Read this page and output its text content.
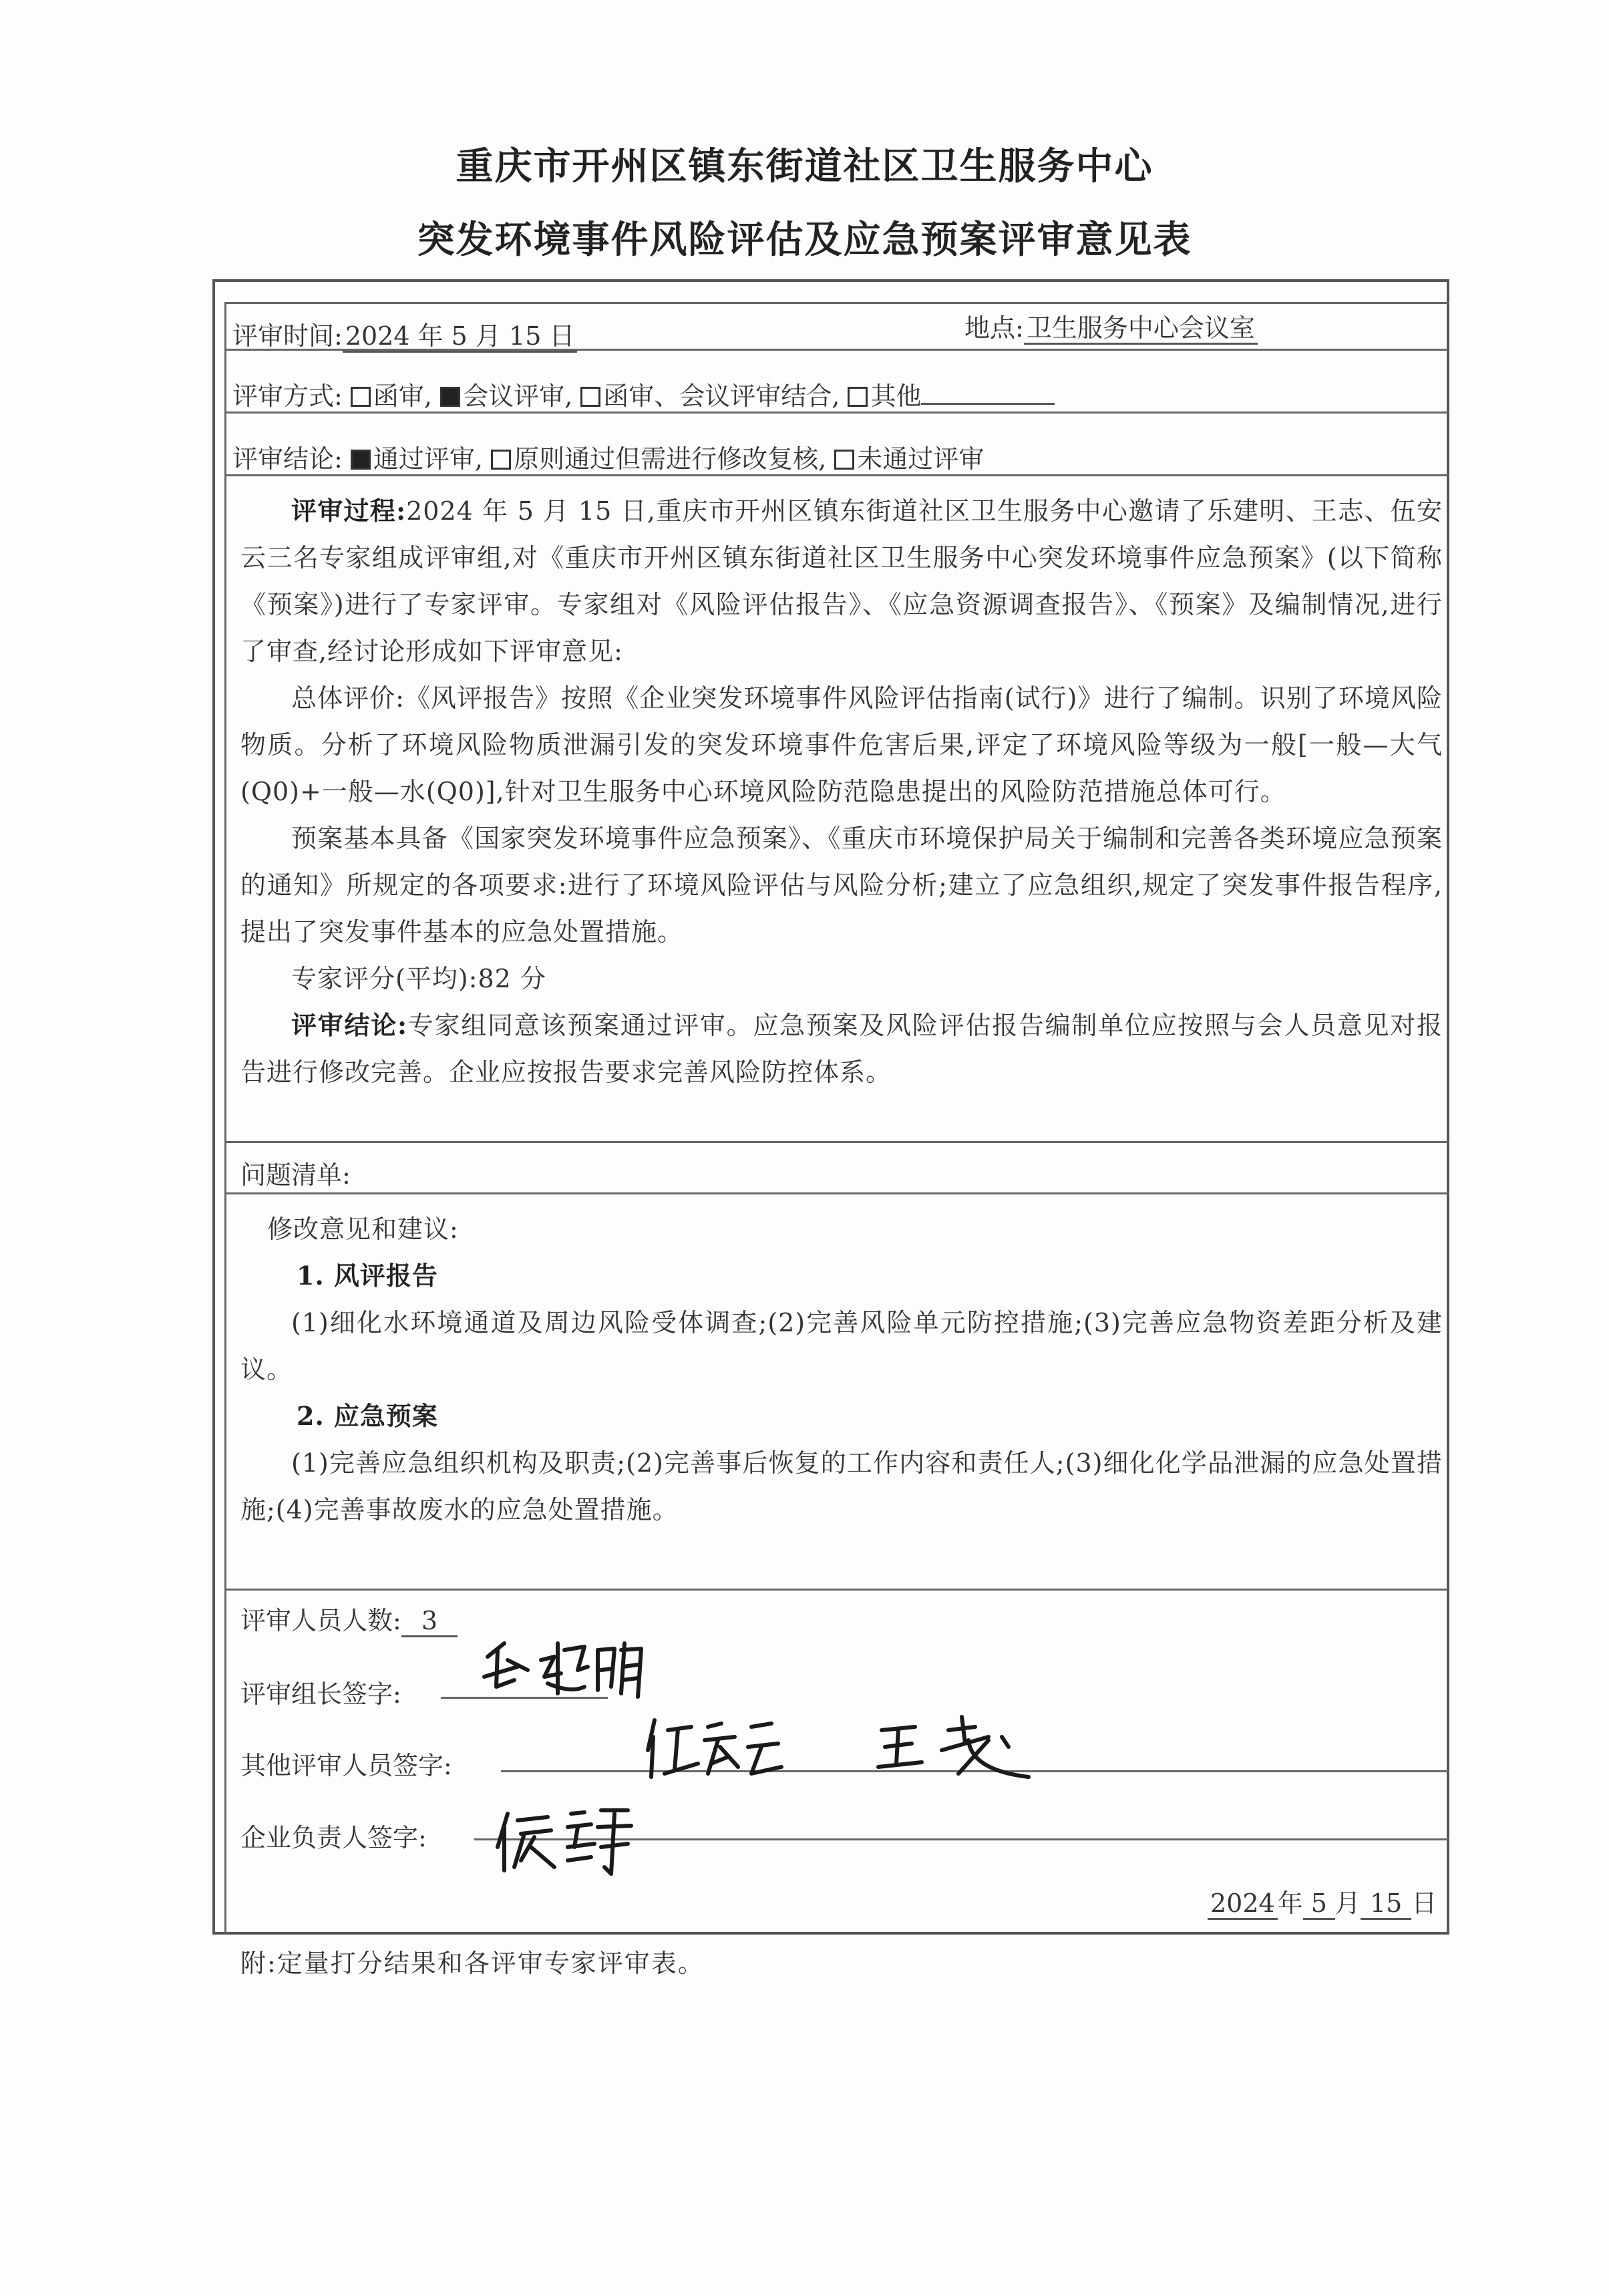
重庆市开州区镇东街道社区卫生服务中心
突发环境事件风险评估及应急预案评审意见表
评审时间: 2024 年 5 月 15 日	地点: 卫生服务中心会议室
评审方式: 函审, 会议评审, 函审、会议评审结合, 其他
评审结论: 通过评审, 原则通过但需进行修改复核, 未通过评审

评审过程:2024 年 5 月 15 日,重庆市开州区镇东街道社区卫生服务中心邀请了乐建明、王志、伍安云三名专家组成评审组,对《重庆市开州区镇东街道社区卫生服务中心突发环境事件应急预案》(以下简称《预案》)进行了专家评审。专家组对《风险评估报告》、《应急资源调查报告》、《预案》及编制情况,进行了审查,经讨论形成如下评审意见:

总体评价:《风评报告》按照《企业突发环境事件风险评估指南(试行)》进行了编制。识别了环境风险物质。分析了环境风险物质泄漏引发的突发环境事件危害后果,评定了环境风险等级为一般[一般—大气(Q0)+一般—水(Q0)],针对卫生服务中心环境风险防范隐患提出的风险防范措施总体可行。

预案基本具备《国家突发环境事件应急预案》、《重庆市环境保护局关于编制和完善各类环境应急预案的通知》所规定的各项要求:进行了环境风险评估与风险分析;建立了应急组织,规定了突发事件报告程序,提出了突发事件基本的应急处置措施。

专家评分(平均):82 分

评审结论:专家组同意该预案通过评审。应急预案及风险评估报告编制单位应按照与会人员意见对报告进行修改完善。企业应按报告要求完善风险防控体系。

问题清单:

修改意见和建议:

1. 风评报告

(1)细化水环境通道及周边风险受体调查;(2)完善风险单元防控措施;(3)完善应急物资差距分析及建议。

2. 应急预案

(1)完善应急组织机构及职责;(2)完善事后恢复的工作内容和责任人;(3)细化化学品泄漏的应急处置措施;(4)完善事故废水的应急处置措施。

评审人员人数: 3
评审组长签字:
其他评审人员签字:
企业负责人签字:
2024 年 5 月 15 日
附:定量打分结果和各评审专家评审表。
